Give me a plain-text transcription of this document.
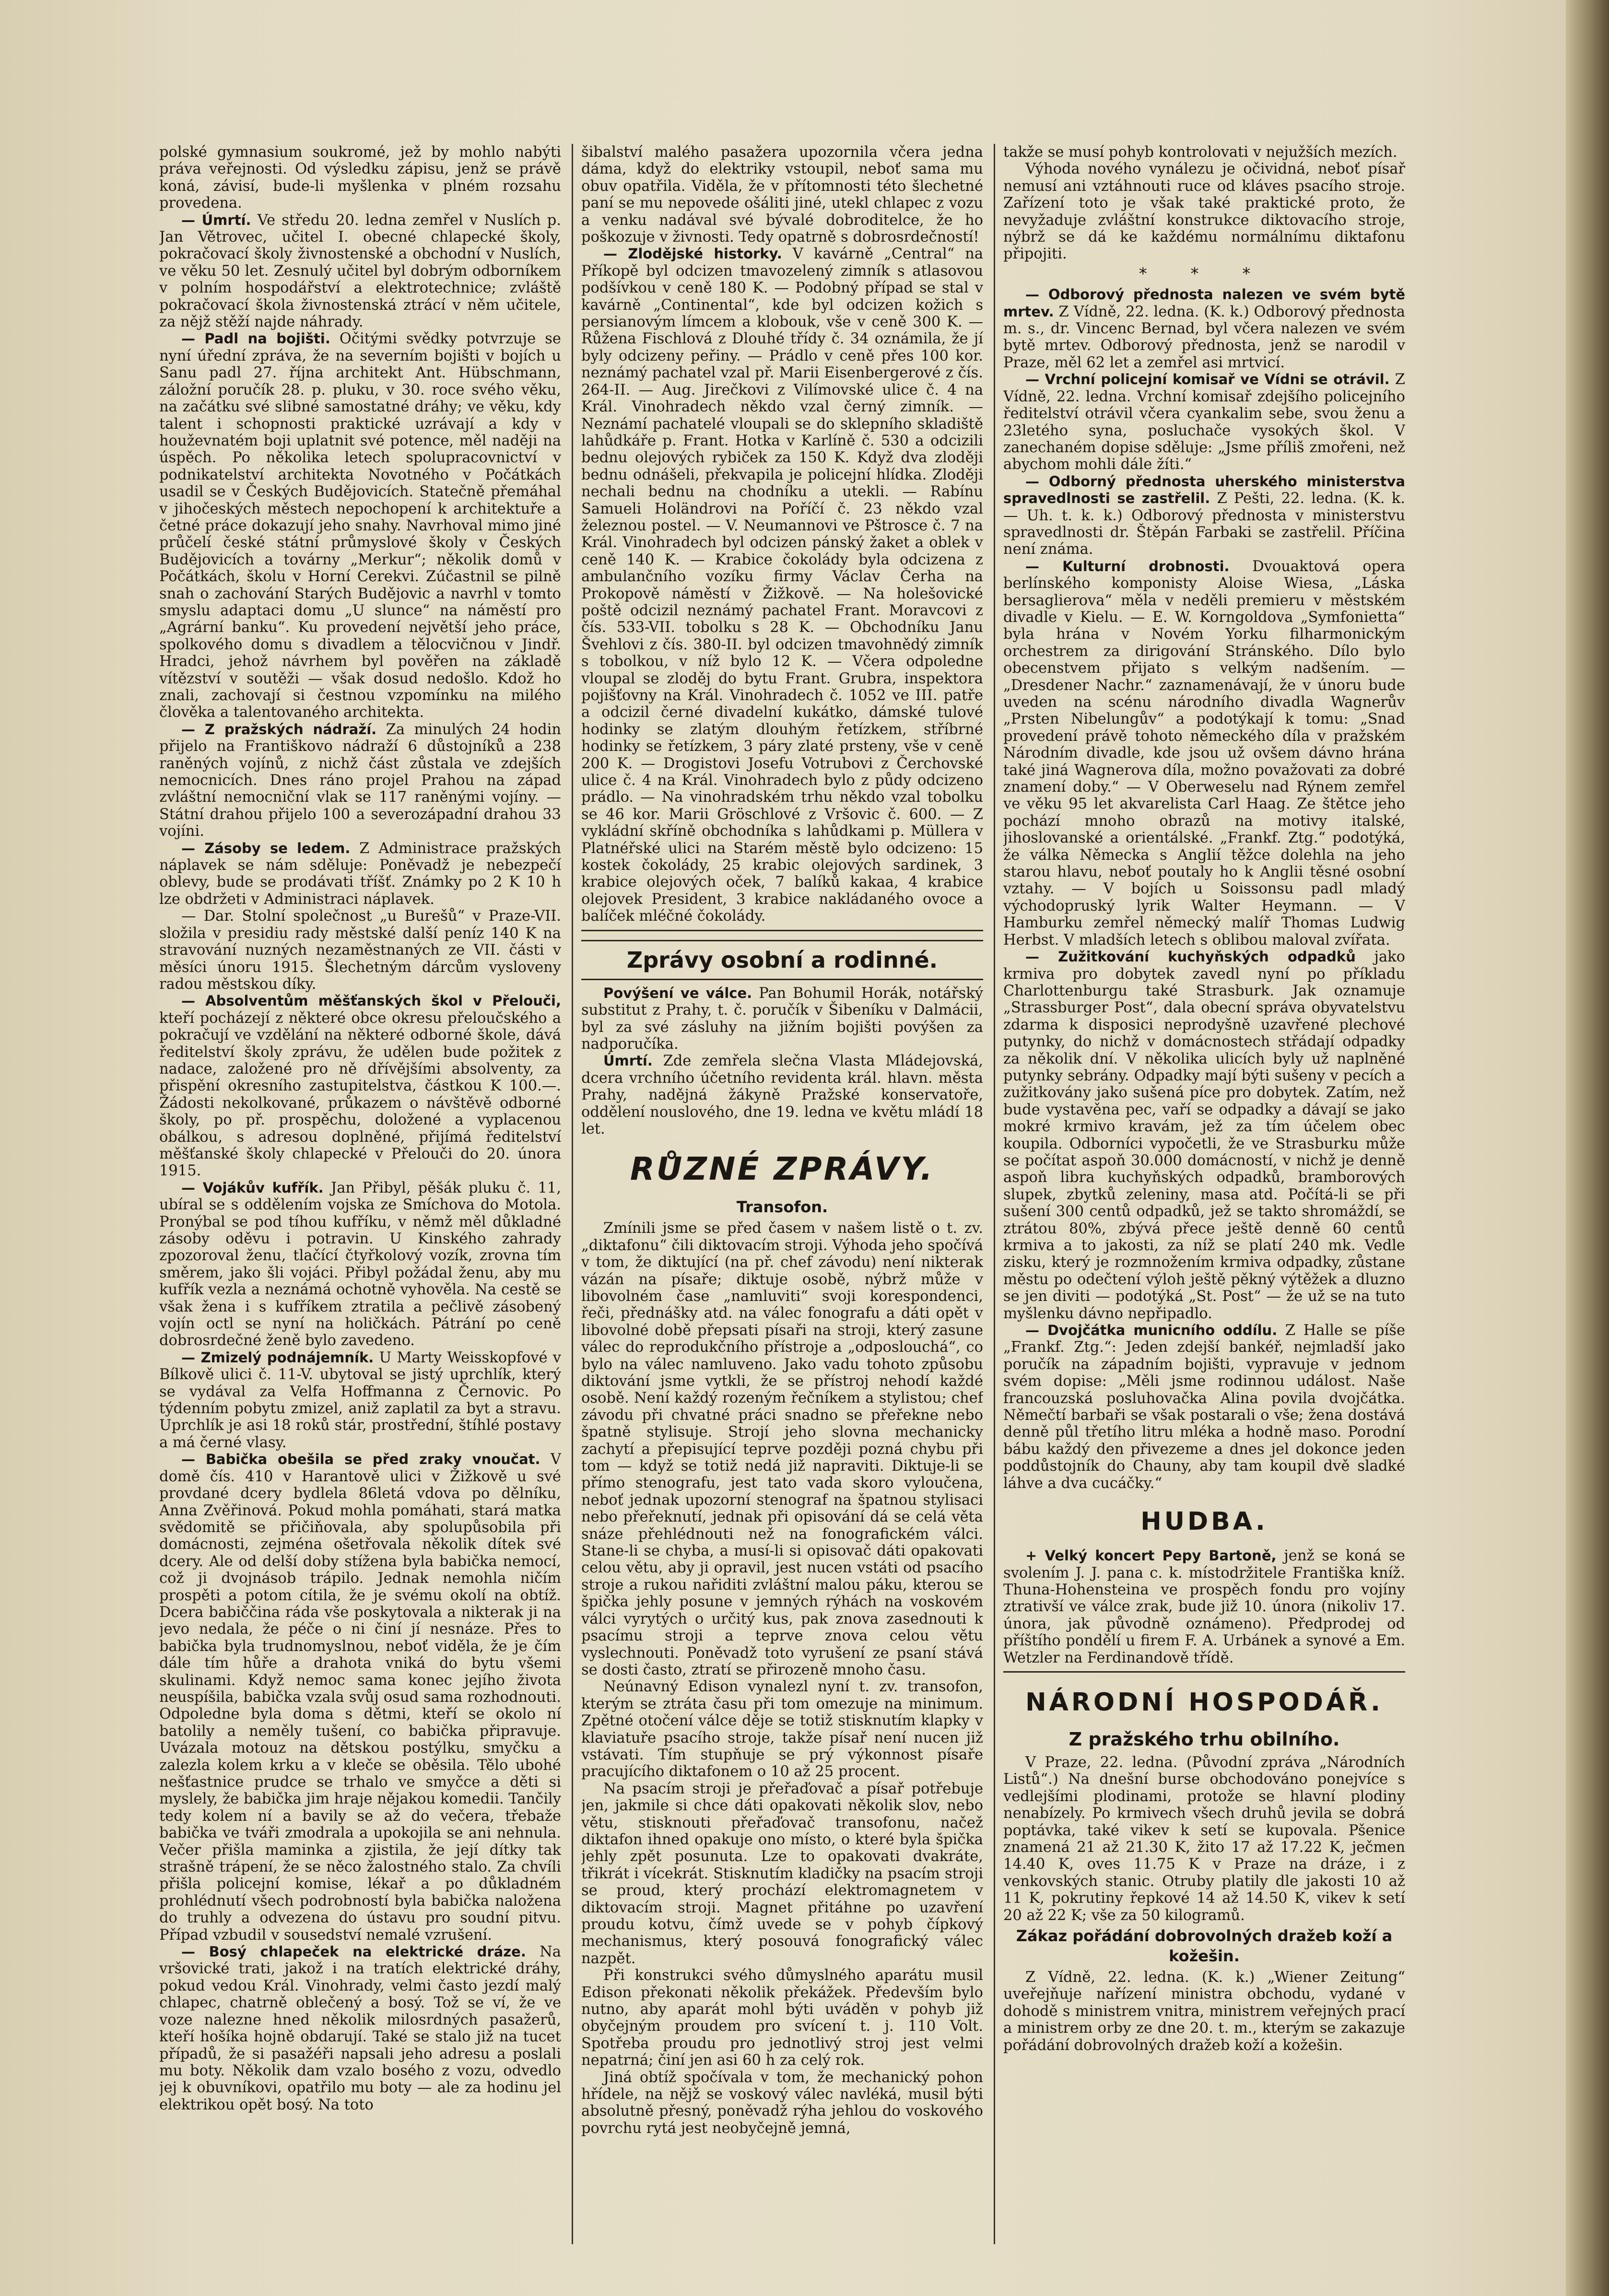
polské gymnasium soukromé, jež by mohlo nabýti práva veřejnosti. Od výsledku zápisu, jenž se právě koná, závisí, bude-li myšlenka v plném rozsahu provedena.

— Úmrtí. Ve středu 20. ledna zemřel v Nuslích p. Jan Větrovec, učitel I. obecné chlapecké školy, pokračovací školy živnostenské a obchodní v Nuslích, ve věku 50 let. Zesnulý učitel byl dobrým odborníkem v polním hospodářství a elektrotechnice; zvláště pokračovací škola živnostenská ztrácí v něm učitele, za nějž stěží najde náhrady.

— Padl na bojišti. Očitými svědky potvrzuje se nyní úřední zpráva, že na severním bojišti v bojích u Sanu padl 27. října architekt Ant. Hübschmann, záložní poručík 28. p. pluku, v 30. roce svého věku, na začátku své slibné samostatné dráhy; ve věku, kdy talent i schopnosti praktické uzrávají a kdy v houževnatém boji uplatnit své potence, měl naději na úspěch. Po několika letech spolupracovnictví v podnikatelství architekta Novotného v Počátkách usadil se v Českých Budějovicích. Statečně přemáhal v jihočeských městech nepochopení k architektuře a četné práce dokazují jeho snahy. Navrhoval mimo jiné průčelí české státní průmyslové školy v Českých Budějovicích a továrny „Merkur“; několik domů v Počátkách, školu v Horní Cerekvi. Zúčastnil se pilně snah o zachování Starých Budějovic a navrhl v tomto smyslu adaptaci domu „U slunce“ na náměstí pro „Agrární banku“. Ku provedení největší jeho práce, spolkového domu s divadlem a tělocvičnou v Jindř. Hradci, jehož návrhem byl pověřen na základě vítězství v soutěži — však dosud nedošlo. Kdož ho znali, zachovají si čestnou vzpomínku na milého člověka a talentovaného architekta.

— Z pražských nádraží. Za minulých 24 hodin přijelo na Františkovo nádraží 6 důstojníků a 238 raněných vojínů, z nichž část zůstala ve zdejších nemocnicích. Dnes ráno projel Prahou na západ zvláštní nemocniční vlak se 117 raněnými vojíny. — Státní drahou přijelo 100 a severozápadní drahou 33 vojíni.

— Zásoby se ledem. Z Administrace pražských náplavek se nám sděluje: Poněvadž je nebezpečí oblevy, bude se prodávati tříšť. Známky po 2 K 10 h lze obdržeti v Administraci náplavek.

— Dar. Stolní společnost „u Burešů“ v Praze-VII. složila v presidiu rady městské další peníz 140 K na stravování nuzných nezaměstnaných ze VII. části v měsíci únoru 1915. Šlechetným dárcům vysloveny radou městskou díky.

— Absolventům měšťanských škol v Přelouči, kteří pocházejí z některé obce okresu přeloučského a pokračují ve vzdělání na některé odborné škole, dává ředitelství školy zprávu, že udělen bude požitek z nadace, založené pro ně dřívějšími absolventy, za přispění okresního zastupitelstva, částkou K 100.—. Žádosti nekolkované, průkazem o návštěvě odborné školy, po př. prospěchu, doložené a vyplacenou obálkou, s adresou doplněné, přijímá ředitelství měšťanské školy chlapecké v Přelouči do 20. února 1915.

— Vojákův kufřík. Jan Přibyl, pěšák pluku č. 11, ubíral se s oddělením vojska ze Smíchova do Motola. Pronýbal se pod tíhou kufříku, v němž měl důkladné zásoby oděvu i potravin. U Kinského zahrady zpozoroval ženu, tlačící čtyřkolový vozík, zrovna tím směrem, jako šli vojáci. Přibyl požádal ženu, aby mu kufřík vezla a neznámá ochotně vyhověla. Na cestě se však žena i s kufříkem ztratila a pečlivě zásobený vojín octl se nyní na holičkách. Pátrání po ceně dobrosrdečné ženě bylo zavedeno.

— Zmizelý podnájemník. U Marty Weisskopfové v Bílkově ulici č. 11-V. ubytoval se jistý uprchlík, který se vydával za Velfa Hoffmanna z Černovic. Po týdenním pobytu zmizel, aniž zaplatil za byt a stravu. Uprchlík je asi 18 roků stár, prostřední, štíhlé postavy a má černé vlasy.

— Babička obešila se před zraky vnoučat. V domě čís. 410 v Harantově ulici v Žižkově u své provdané dcery bydlela 86letá vdova po dělníku, Anna Zvěřinová. Pokud mohla pomáhati, stará matka svědomitě se přičiňovala, aby spolupůsobila při domácnosti, zejména ošetřovala několik dítek své dcery. Ale od delší doby stížena byla babička nemocí, což ji dvojnásob trápilo. Jednak nemohla ničím prospěti a potom cítila, že je svému okolí na obtíž. Dcera babiččina ráda vše poskytovala a nikterak ji na jevo nedala, že péče o ni činí jí nesnáze. Přes to babička byla trudnomyslnou, neboť viděla, že je čím dále tím hůře a drahota vniká do bytu všemi skulinami. Když nemoc sama konec jejího života neuspíšila, babička vzala svůj osud sama rozhodnouti. Odpoledne byla doma s dětmi, kteří se okolo ní batolily a neměly tušení, co babička připravuje. Uvázala motouz na dětskou postýlku, smyčku a zalezla kolem krku a v kleče se oběsila. Tělo ubohé nešťastnice prudce se trhalo ve smyčce a děti si myslely, že babička jim hraje nějakou komedii. Tančily tedy kolem ní a bavily se až do večera, třebaže babička ve tváři zmodrala a upokojila se ani nehnula. Večer přišla maminka a zjistila, že její dítky tak strašně trápení, že se něco žalostného stalo. Za chvíli přišla policejní komise, lékař a po důkladném prohlédnutí všech podrobností byla babička naložena do truhly a odvezena do ústavu pro soudní pitvu. Případ vzbudil v sousedství nemalé vzrušení.

— Bosý chlapeček na elektrické dráze. Na vršovické trati, jakož i na tratích elektrické dráhy, pokud vedou Král. Vinohrady, velmi často jezdí malý chlapec, chatrně oblečený a bosý. Tož se ví, že ve voze nalezne hned několik milosrdných pasažerů, kteří hošíka hojně obdarují. Také se stalo již na tucet případů, že si pasažéři napsali jeho adresu a poslali mu boty. Několik dam vzalo bosého z vozu, odvedlo jej k obuvníkovi, opatřilo mu boty — ale za hodinu jel elektrikou opět bosý. Na toto

šibalství malého pasažera upozornila včera jedna dáma, když do elektriky vstoupil, neboť sama mu obuv opatřila. Viděla, že v přítomnosti této šlechetné paní se mu nepovede ošáliti jiné, utekl chlapec z vozu a venku nadával své bývalé dobroditelce, že ho poškozuje v živnosti. Tedy opatrně s dobrosrdečností!

— Zlodějské historky. V kavárně „Central“ na Příkopě byl odcizen tmavozelený zimník s atlasovou podšívkou v ceně 180 K. — Podobný případ se stal v kavárně „Continental“, kde byl odcizen kožich s persianovým límcem a klobouk, vše v ceně 300 K. — Růžena Fischlová z Dlouhé třídy č. 34 oznámila, že jí byly odcizeny peřiny. — Prádlo v ceně přes 100 kor. neznámý pachatel vzal př. Marii Eisenbergerové z čís. 264-II. — Aug. Jirečkovi z Vilímovské ulice č. 4 na Král. Vinohradech někdo vzal černý zimník. — Neznámí pachatelé vloupali se do sklepního skladiště lahůdkáře p. Frant. Hotka v Karlíně č. 530 a odcizili bednu olejových rybiček za 150 K. Když dva zloději bednu odnášeli, překvapila je policejní hlídka. Zloději nechali bednu na chodníku a utekli. — Rabínu Samueli Holändrovi na Poříčí č. 23 někdo vzal železnou postel. — V. Neumannovi ve Pštrosce č. 7 na Král. Vinohradech byl odcizen pánský žaket a oblek v ceně 140 K. — Krabice čokolády byla odcizena z ambulančního vozíku firmy Václav Čerha na Prokopově náměstí v Žižkově. — Na holešovické poště odcizil neznámý pachatel Frant. Moravcovi z čís. 533-VII. tobolku s 28 K. — Obchodníku Janu Švehlovi z čís. 380-II. byl odcizen tmavohnědý zimník s tobolkou, v níž bylo 12 K. — Včera odpoledne vloupal se zloděj do bytu Frant. Grubra, inspektora pojišťovny na Král. Vinohradech č. 1052 ve III. patře a odcizil černé divadelní kukátko, dámské tulové hodinky se zlatým dlouhým řetízkem, stříbrné hodinky se řetízkem, 3 páry zlaté prsteny, vše v ceně 200 K. — Drogistovi Josefu Votrubovi z Čerchovské ulice č. 4 na Král. Vinohradech bylo z půdy odcizeno prádlo. — Na vinohradském trhu někdo vzal tobolku se 46 kor. Marii Gröschlové z Vršovic č. 600. — Z vykládní skříně obchodníka s lahůdkami p. Müllera v Platnéřské ulici na Starém městě bylo odcizeno: 15 kostek čokolády, 25 krabic olejových sardinek, 3 krabice olejových oček, 7 balíků kakaa, 4 krabice olejovek President, 3 krabice nakládaného ovoce a balíček mléčné čokolády.

Zprávy osobní a rodinné.

Povýšení ve válce. Pan Bohumil Horák, notářský substitut z Prahy, t. č. poručík v Šibeníku v Dalmácii, byl za své zásluhy na jižním bojišti povýšen za nadporučíka.

Úmrtí. Zde zemřela slečna Vlasta Mládejovská, dcera vrchního účetního revidenta král. hlavn. města Prahy, nadějná žákyně Pražské konservatoře, oddělení nouslového, dne 19. ledna ve květu mládí 18 let.

RŮZNÉ ZPRÁVY.
Transofon.

Zmínili jsme se před časem v našem listě o t. zv. „diktafonu“ čili diktovacím stroji. Výhoda jeho spočívá v tom, že diktující (na př. chef závodu) není nikterak vázán na písaře; diktuje osobě, nýbrž může v libovolném čase „namluviti“ svoji korespondenci, řeči, přednášky atd. na válec fonografu a dáti opět v libovolné době přepsati písaři na stroji, který zasune válec do reprodukčního přístroje a „odposlouchá“, co bylo na válec namluveno. Jako vadu tohoto způsobu diktování jsme vytkli, že se přístroj nehodí každé osobě. Není každý rozeným řečníkem a stylistou; chef závodu při chvatné práci snadno se přeřekne nebo špatně stylisuje. Strojí jeho slovna mechanicky zachytí a přepisující teprve později pozná chybu při tom — když se totiž nedá již napraviti. Diktuje-li se přímo stenografu, jest tato vada skoro vyloučena, neboť jednak upozorní stenograf na špatnou stylisaci nebo přeřeknutí, jednak při opisování dá se celá věta snáze přehlédnouti než na fonografickém válci. Stane-li se chyba, a musí-li si opisovač dáti opakovati celou větu, aby ji opravil, jest nucen vstáti od psacího stroje a rukou nařiditi zvláštní malou páku, kterou se špička jehly posune v jemných rýhách na voskovém válci vyrytých o určitý kus, pak znova zasednouti k psacímu stroji a teprve znova celou větu vyslechnouti. Poněvadž toto vyrušení ze psaní stává se dosti často, ztratí se přirozeně mnoho času.

Neúnavný Edison vynalezl nyní t. zv. transofon, kterým se ztráta času při tom omezuje na minimum. Zpětné otočení válce děje se totiž stisknutím klapky v klaviatuře psacího stroje, takže písař není nucen již vstávati. Tím stupňuje se prý výkonnost písaře pracujícího diktafonem o 10 až 25 procent.

Na psacím stroji je přeřaďovač a písař potřebuje jen, jakmile si chce dáti opakovati několik slov, nebo větu, stisknouti přeřaďovač transofonu, načež diktafon ihned opakuje ono místo, o které byla špička jehly zpět posunuta. Lze to opakovati dvakráte, třikrát i vícekrát. Stisknutím kladičky na psacím stroji se proud, který prochází elektromagnetem v diktovacím stroji. Magnet přitáhne po uzavření proudu kotvu, čímž uvede se v pohyb čípkový mechanismus, který posouvá fonografický válec nazpět.

Při konstrukci svého důmyslného aparátu musil Edison překonati několik překážek. Především bylo nutno, aby aparát mohl býti uváděn v pohyb již obyčejným proudem pro svícení t. j. 110 Volt. Spotřeba proudu pro jednotlivý stroj jest velmi nepatrná; činí jen asi 60 h za celý rok.

Jiná obtíž spočívala v tom, že mechanický pohon hřídele, na nějž se voskový válec navléká, musil býti absolutně přesný, poněvadž rýha jehlou do voskového povrchu rytá jest neobyčejně jemná,

takže se musí pohyb kontrolovati v nejužších mezích.

Výhoda nového vynálezu je očividná, neboť písař nemusí ani vztáhnouti ruce od kláves psacího stroje. Zařízení toto je však také praktické proto, že nevyžaduje zvláštní konstrukce diktovacího stroje, nýbrž se dá ke každému normálnímu diktafonu připojiti.

* * *

— Odborový přednosta nalezen ve svém bytě mrtev. Z Vídně, 22. ledna. (K. k.) Odborový přednosta m. s., dr. Vincenc Bernad, byl včera nalezen ve svém bytě mrtev. Odborový přednosta, jenž se narodil v Praze, měl 62 let a zemřel asi mrtvicí.

— Vrchní policejní komisař ve Vídni se otrávil. Z Vídně, 22. ledna. Vrchní komisař zdejšího policejního ředitelství otrávil včera cyankalim sebe, svou ženu a 23letého syna, posluchače vysokých škol. V zanechaném dopise sděluje: „Jsme příliš zmořeni, než abychom mohli dále žíti.“

— Odborný přednosta uherského ministerstva spravedlnosti se zastřelil. Z Pešti, 22. ledna. (K. k. — Uh. t. k. k.) Odborový přednosta v ministerstvu spravedlnosti dr. Štěpán Farbaki se zastřelil. Příčina není známa.

— Kulturní drobnosti. Dvouaktová opera berlínského komponisty Aloise Wiesa, „Láska bersaglierova“ měla v neděli premieru v městském divadle v Kielu. — E. W. Korngoldova „Symfonietta“ byla hrána v Novém Yorku filharmonickým orchestrem za dirigování Stránského. Dílo bylo obecenstvem přijato s velkým nadšením. — „Dresdener Nachr.“ zaznamenávají, že v únoru bude uveden na scénu národního divadla Wagnerův „Prsten Nibelungův“ a podotýkají k tomu: „Snad provedení právě tohoto německého díla v pražském Národním divadle, kde jsou už ovšem dávno hrána také jiná Wagnerova díla, možno považovati za dobré znamení doby.“ — V Oberweselu nad Rýnem zemřel ve věku 95 let akvarelista Carl Haag. Ze štětce jeho pochází mnoho obrazů na motivy italské, jihoslovanské a orientálské. „Frankf. Ztg.“ podotýká, že válka Německa s Anglií těžce dolehla na jeho starou hlavu, neboť poutaly ho k Anglii těsné osobní vztahy. — V bojích u Soissonsu padl mladý východopruský lyrik Walter Heymann. — V Hamburku zemřel německý malíř Thomas Ludwig Herbst. V mladších letech s oblibou maloval zvířata.

— Zužitkování kuchyňských odpadků jako krmiva pro dobytek zavedl nyní po příkladu Charlottenburgu také Strasburk. Jak oznamuje „Strassburger Post“, dala obecní správa obyvatelstvu zdarma k disposici neprodyšně uzavřené plechové putynky, do nichž v domácnostech střádají odpadky za několik dní. V několika ulicích byly už naplněné putynky sebrány. Odpadky mají býti sušeny v pecích a zužitkovány jako sušená píce pro dobytek. Zatím, než bude vystavěna pec, vaří se odpadky a dávají se jako mokré krmivo kravám, jež za tím účelem obec koupila. Odborníci vypočetli, že ve Strasburku může se počítat aspoň 30.000 domácností, v nichž je denně aspoň libra kuchyňských odpadků, bramborových slupek, zbytků zeleniny, masa atd. Počítá-li se při sušení 300 centů odpadků, jež se takto shromáždí, se ztrátou 80%, zbývá přece ještě denně 60 centů krmiva a to jakosti, za níž se platí 240 mk. Vedle zisku, který je rozmnožením krmiva odpadky, zůstane městu po odečtení výloh ještě pěkný výtěžek a dluzno se jen diviti — podotýká „St. Post“ — že už se na tuto myšlenku dávno nepřipadlo.

— Dvojčátka municního oddílu. Z Halle se píše „Frankf. Ztg.“: Jeden zdejší bankéř, nejmladší jako poručík na západním bojišti, vypravuje v jednom svém dopise: „Měli jsme rodinnou událost. Naše francouzská posluhovačka Alina povila dvojčátka. Němečtí barbaři se však postarali o vše; žena dostává denně půl třetího litru mléka a hodně maso. Porodní bábu každý den přivezeme a dnes jel dokonce jeden poddůstojník do Chauny, aby tam koupil dvě sladké láhve a dva cucáčky.“

HUDBA.

+ Velký koncert Pepy Bartoně, jenž se koná se svolením J. J. pana c. k. místodržitele Františka kníž. Thuna-Hohensteina ve prospěch fondu pro vojíny ztrativší ve válce zrak, bude již 10. února (nikoliv 17. února, jak původně oznámeno). Předprodej od příštího pondělí u firem F. A. Urbánek a synové a Em. Wetzler na Ferdinandově třídě.

NÁRODNÍ HOSPODÁŘ.
Z pražského trhu obilního.

V Praze, 22. ledna. (Původní zpráva „Národních Listů“.) Na dnešní burse obchodováno ponejvíce s vedlejšími plodinami, protože se hlavní plodiny nenabízely. Po krmivech všech druhů jevila se dobrá poptávka, také vikev k setí se kupovala. Pšenice znamená 21 až 21.30 K, žito 17 až 17.22 K, ječmen 14.40 K, oves 11.75 K v Praze na dráze, i z venkovských stanic. Otruby platily dle jakosti 10 až 11 K, pokrutiny řepkové 14 až 14.50 K, vikev k setí 20 až 22 K; vše za 50 kilogramů.

Zákaz pořádání dobrovolných dražeb koží a kožešin.

Z Vídně, 22. ledna. (K. k.) „Wiener Zeitung“ uveřejňuje nařízení ministra obchodu, vydané v dohodě s ministrem vnitra, ministrem veřejných prací a ministrem orby ze dne 20. t. m., kterým se zakazuje pořádání dobrovolných dražeb koží a kožešin.
